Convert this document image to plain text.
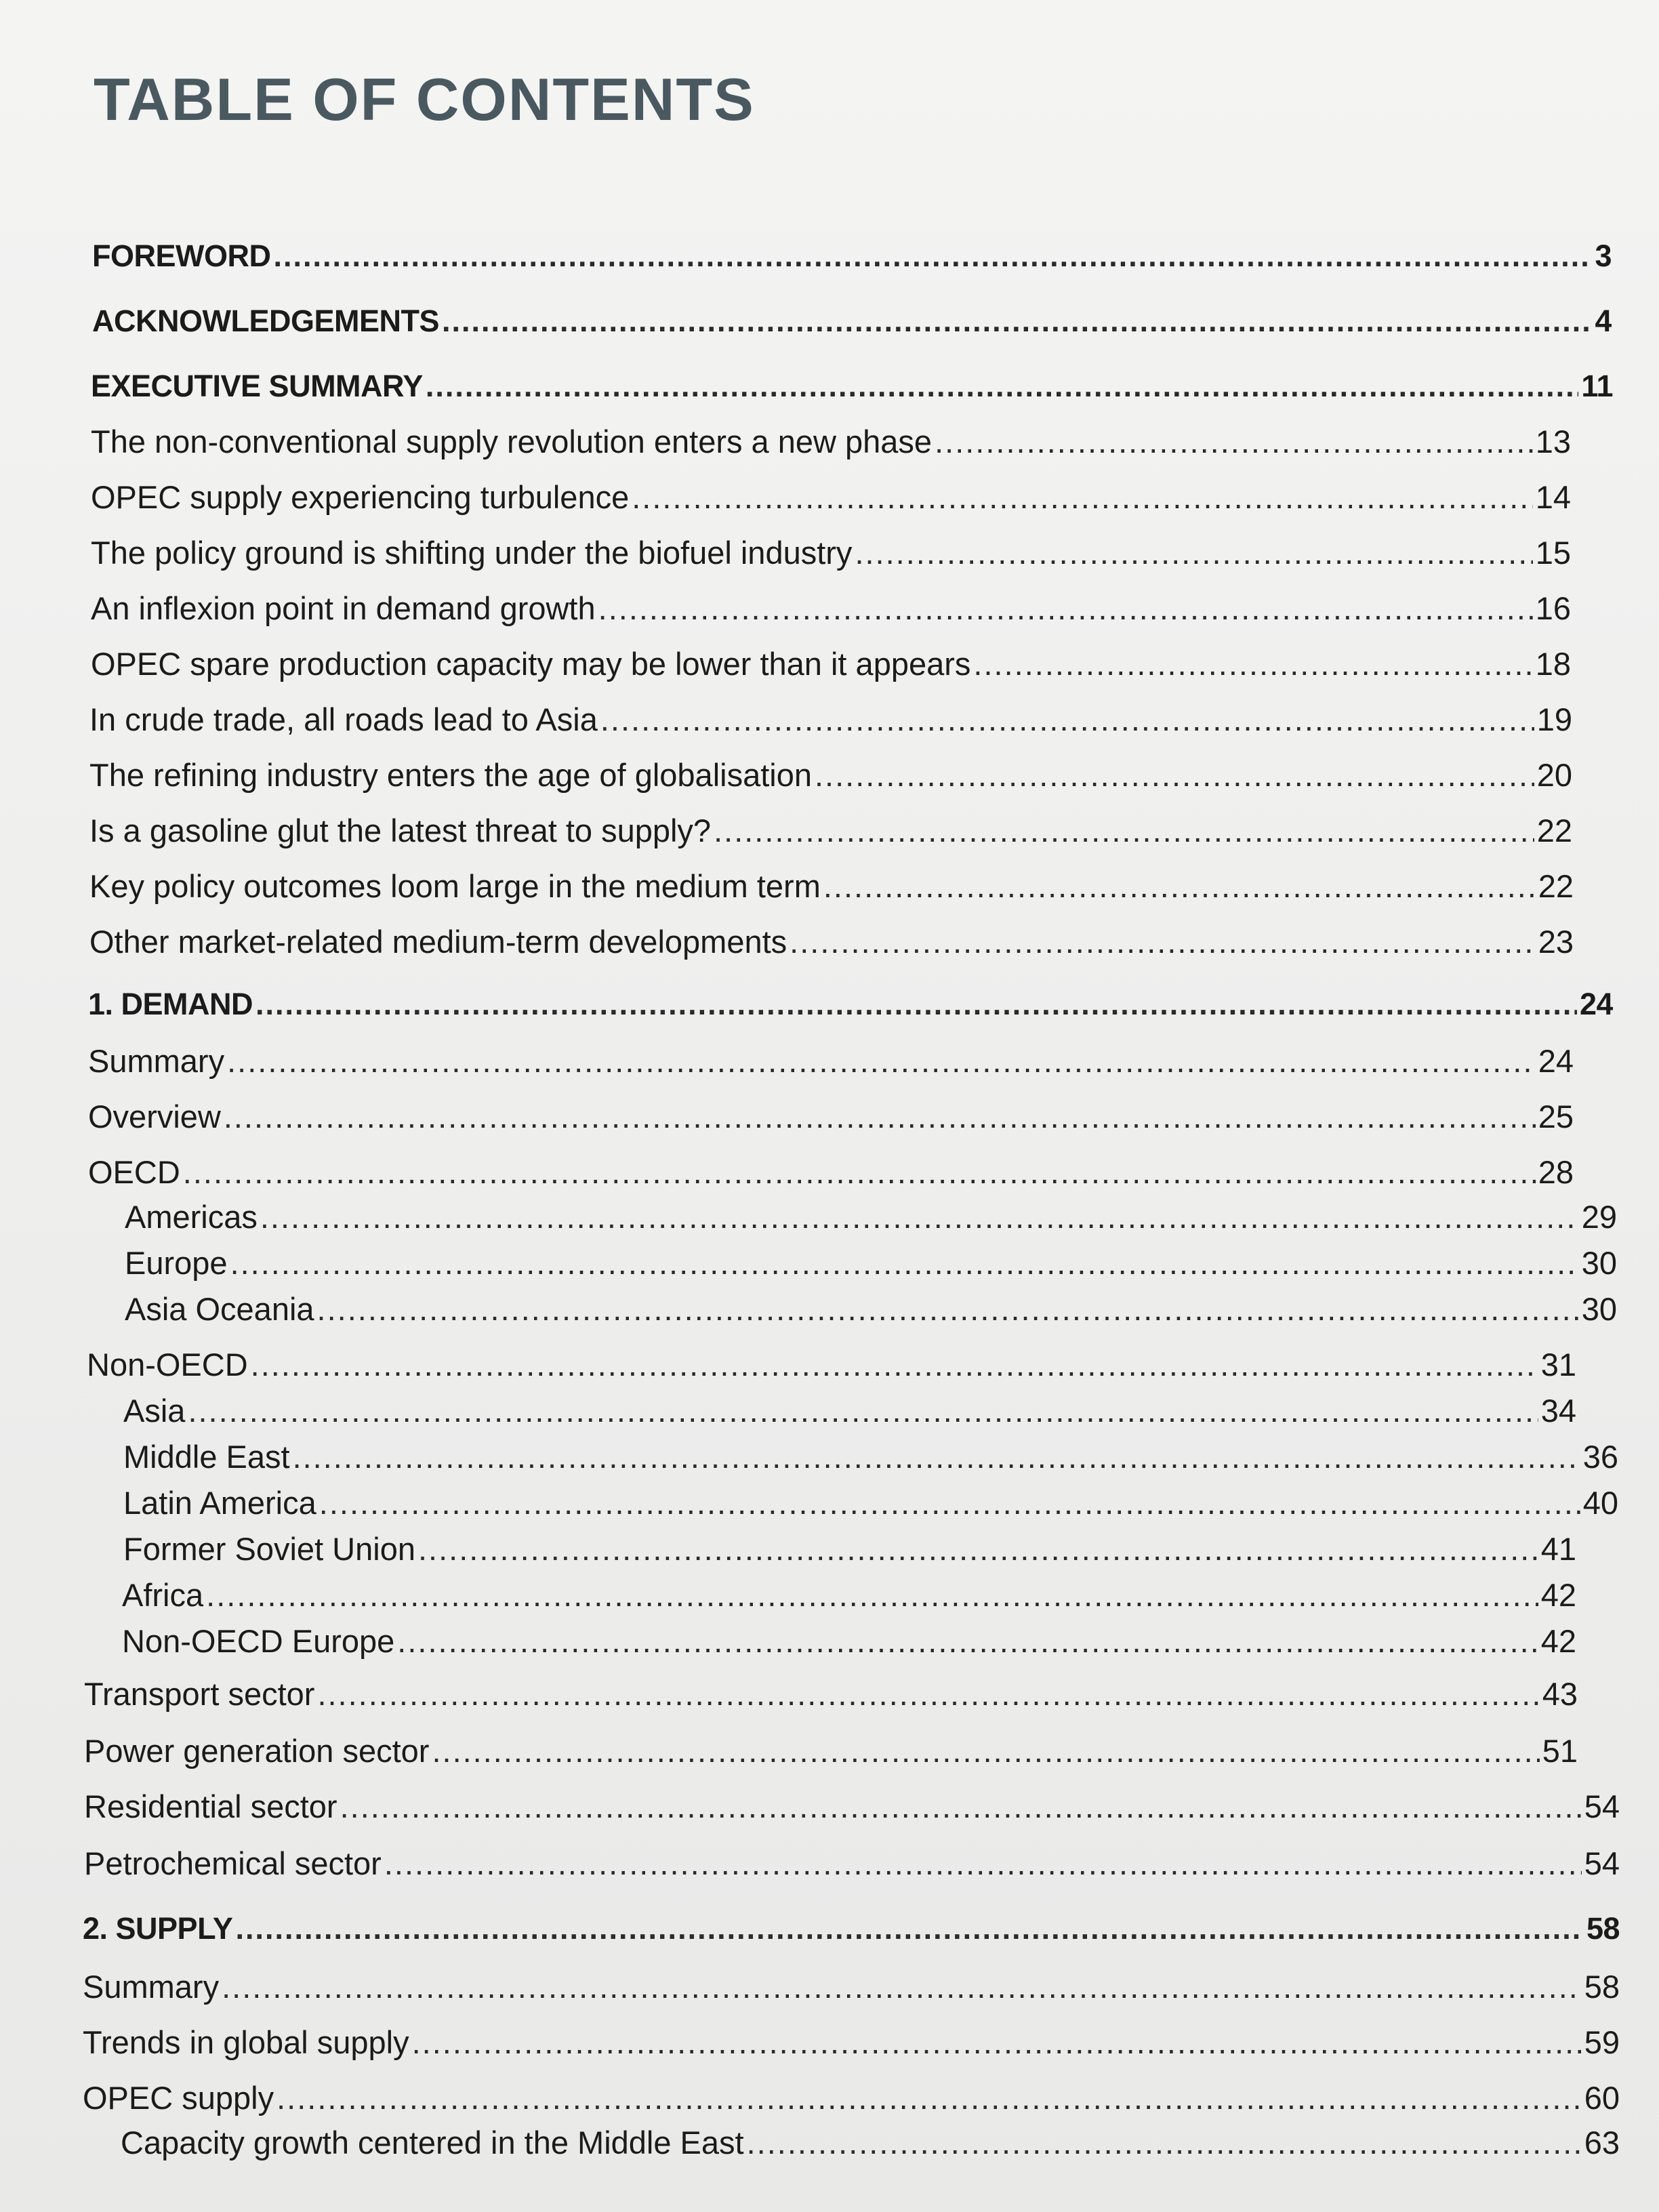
TABLE OF CONTENTS
FOREWORD .....	3
ACKNOWLEDGEMENTS .....	4
EXECUTIVE SUMMARY .....	11
The non-conventional supply revolution enters a new phase .....	13
OPEC supply experiencing turbulence .....	14
The policy ground is shifting under the biofuel industry .....	15
An inflexion point in demand growth .....	16
OPEC spare production capacity may be lower than it appears .....	18
In crude trade, all roads lead to Asia .....	19
The refining industry enters the age of globalisation .....	20
Is a gasoline glut the latest threat to supply? .....	22
Key policy outcomes loom large in the medium term .....	22
Other market-related medium-term developments .....	23
1. DEMAND .....	24
Summary .....	24
Overview .....	25
OECD .....	28
Americas .....	29
Europe .....	30
Asia Oceania .....	30
Non-OECD .....	31
Asia .....	34
Middle East .....	36
Latin America .....	40
Former Soviet Union .....	41
Africa .....	42
Non-OECD Europe .....	42
Transport sector .....	43
Power generation sector .....	51
Residential sector .....	54
Petrochemical sector .....	54
2. SUPPLY .....	58
Summary .....	58
Trends in global supply .....	59
OPEC supply .....	60
Capacity growth centered in the Middle East .....	63
